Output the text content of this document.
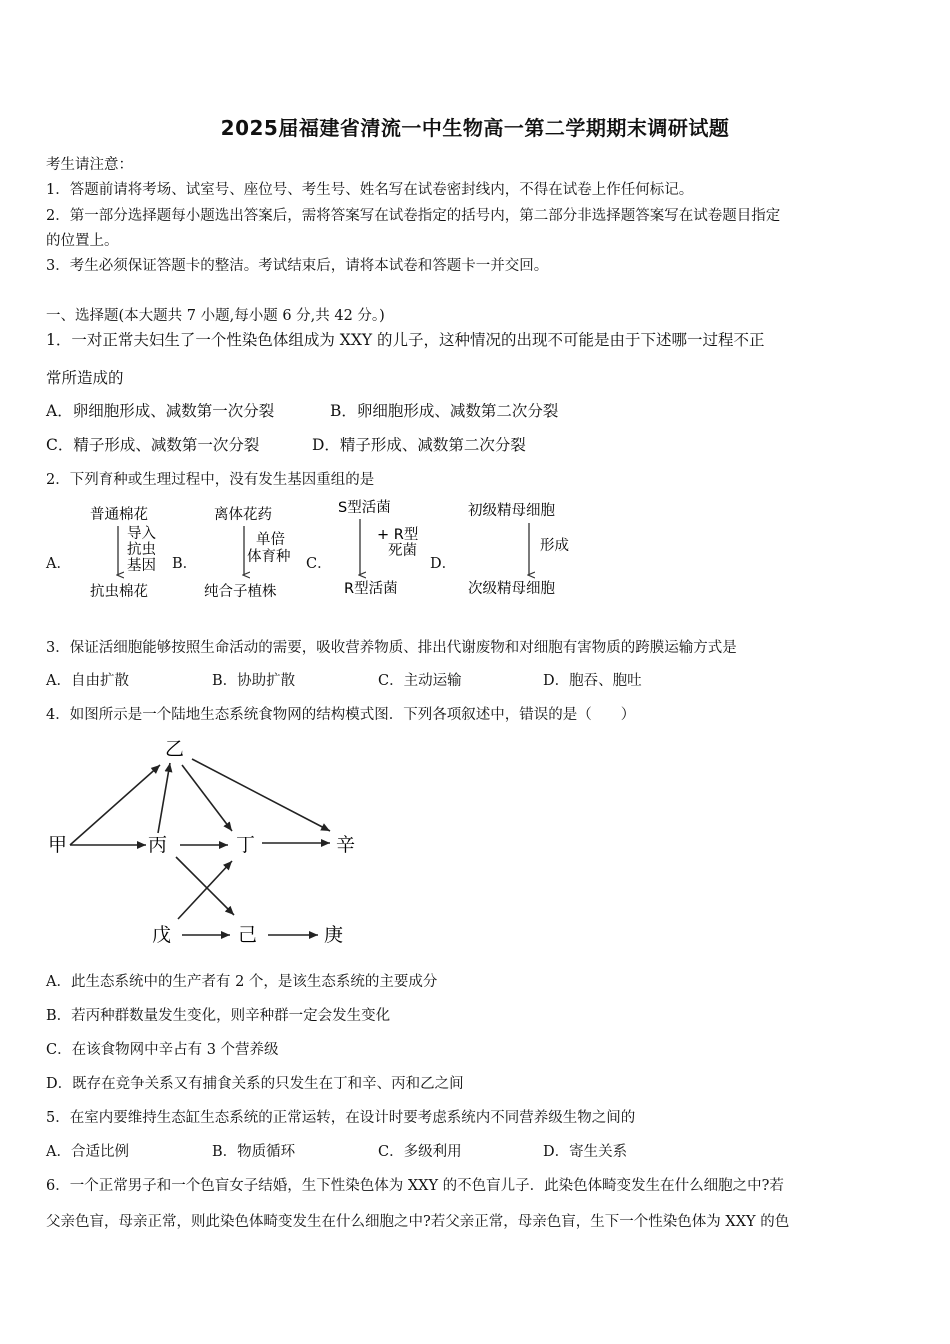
2025届福建省清流一中生物高一第二学期期末调研试题
考生请注意：
1．答题前请将考场、试室号、座位号、考生号、姓名写在试卷密封线内，不得在试卷上作任何标记。
2．第一部分选择题每小题选出答案后，需将答案写在试卷指定的括号内，第二部分非选择题答案写在试卷题目指定
的位置上。
3．考生必须保证答题卡的整洁。考试结束后，请将本试卷和答题卡一并交回。
一、选择题(本大题共 7 小题,每小题 6 分,共 42 分。)
1．一对正常夫妇生了一个性染色体组成为 XXY 的儿子，这种情况的出现不可能是由于下述哪一过程不正
常所造成的
A．卵细胞形成、减数第一次分裂	B．卵细胞形成、减数第二次分裂
C．精子形成、减数第一次分裂	D．精子形成、减数第二次分裂
2．下列育种或生理过程中，没有发生基因重组的是
A．	B．	C．	D．
普通棉花
导入
抗虫
基因
抗虫棉花
离体花药
单倍
体育种
纯合子植株
S型活菌
+ R型
死菌
R型活菌
初级精母细胞
形成
次级精母细胞
3．保证活细胞能够按照生命活动的需要，吸收营养物质、排出代谢废物和对细胞有害物质的跨膜运输方式是
A．自由扩散	B．协助扩散	C．主动运输	D．胞吞、胞吐
4．如图所示是一个陆地生态系统食物网的结构模式图．下列各项叙述中，错误的是（　　）
乙
甲	丙	丁	辛
戊	己	庚
A．此生态系统中的生产者有 2 个，是该生态系统的主要成分
B．若丙种群数量发生变化，则辛种群一定会发生变化
C．在该食物网中辛占有 3 个营养级
D．既存在竞争关系又有捕食关系的只发生在丁和辛、丙和乙之间
5．在室内要维持生态缸生态系统的正常运转，在设计时要考虑系统内不同营养级生物之间的
A．合适比例	B．物质循环	C．多级利用	D．寄生关系
6．一个正常男子和一个色盲女子结婚，生下性染色体为 XXY 的不色盲儿子．此染色体畸变发生在什么细胞之中?若
父亲色盲，母亲正常，则此染色体畸变发生在什么细胞之中?若父亲正常，母亲色盲，生下一个性染色体为 XXY 的色
